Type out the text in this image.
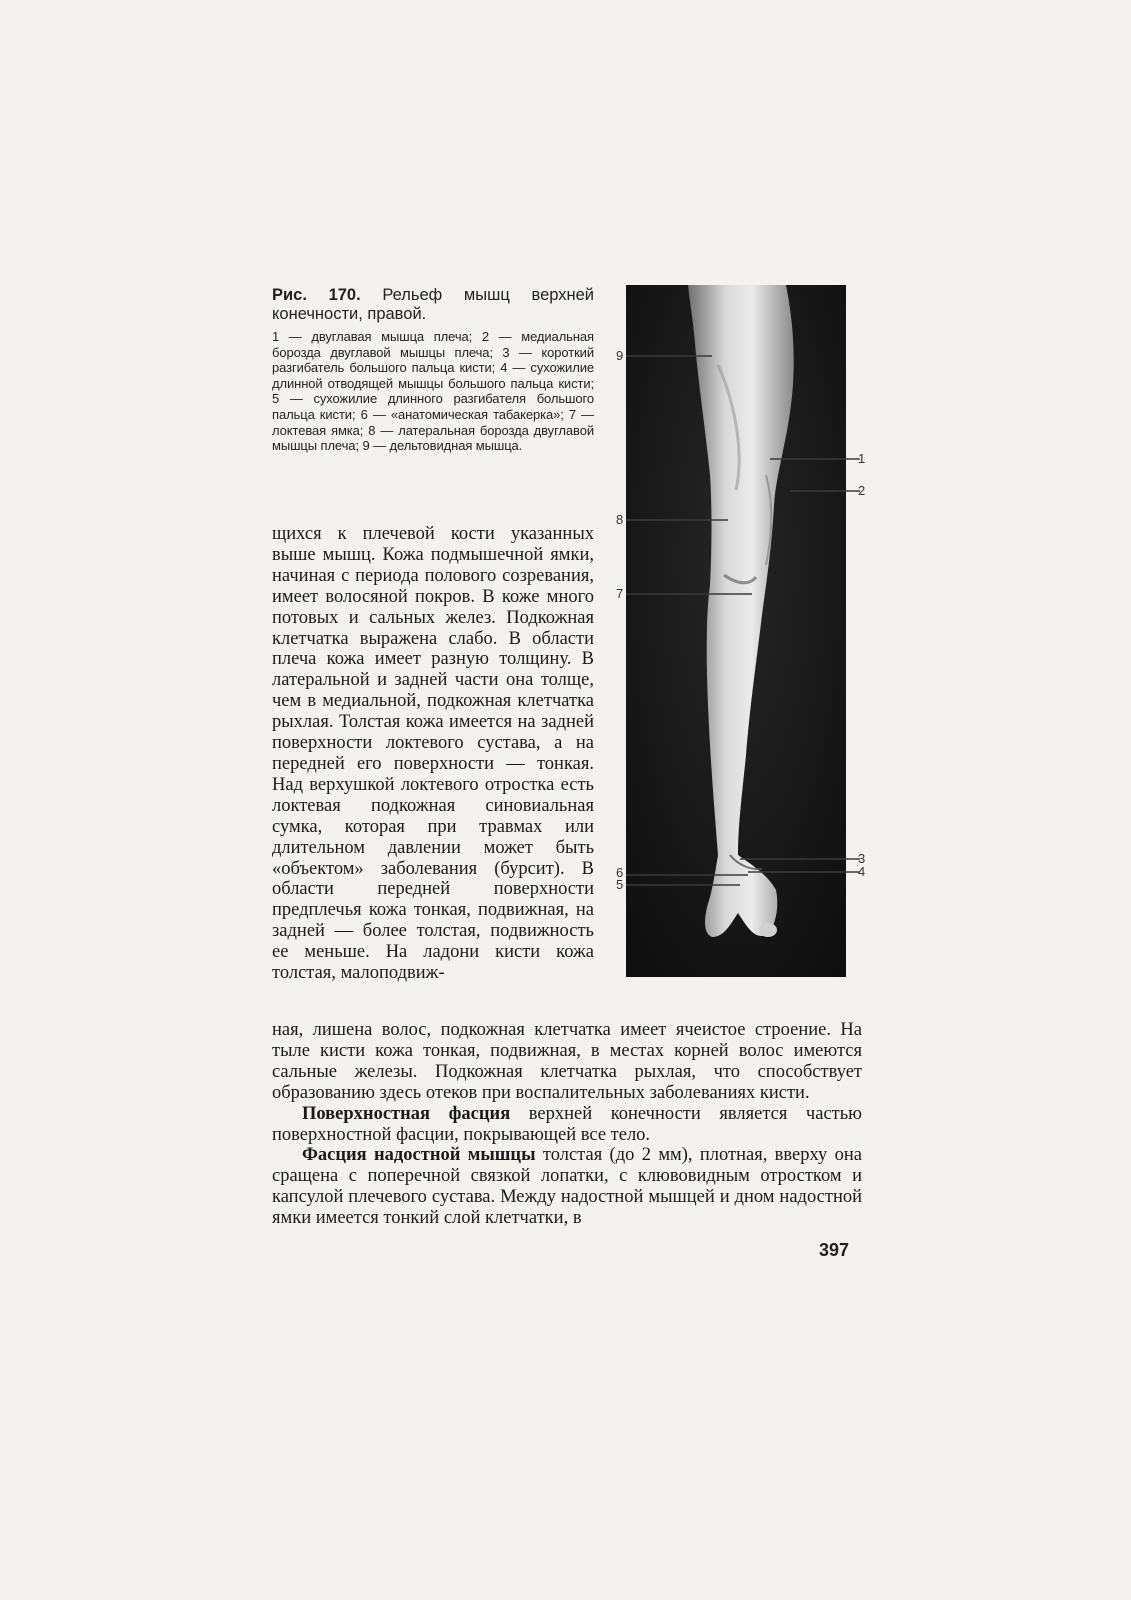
Рис. 170. Рельеф мышц верхней конечности, правой.

1 — двуглавая мышца плеча; 2 — медиальная борозда двуглавой мышцы плеча; 3 — короткий разгибатель большого пальца кисти; 4 — сухожилие длинной отводящей мышцы большого пальца кисти; 5 — сухожилие длинного разгибателя большого пальца кисти; 6 — «анатомическая табакерка»; 7 — локтевая ямка; 8 — латеральная борозда двуглавой мышцы плеча; 9 — дельтовидная мышца.

щихся к плечевой кости указанных выше мышц. Кожа подмышечной ямки, начиная с периода полового созревания, имеет волосяной покров. В коже много потовых и сальных желез. Подкожная клетчатка выражена слабо. В области плеча кожа имеет разную толщину. В латеральной и задней части она толще, чем в медиальной, подкожная клетчатка рыхлая. Толстая кожа имеется на задней поверхности локтевого сустава, а на передней его поверхности — тонкая. Над верхушкой локтевого отростка есть локтевая подкожная синовиальная сумка, которая при травмах или длительном давлении может быть «объектом» заболевания (бурсит). В области передней поверхности предплечья кожа тонкая, подвижная, на задней — более толстая, подвижность ее меньше. На ладони кисти кожа толстая, малоподвиж-

9
1
2
8
7
3
4
6
5

ная, лишена волос, подкожная клетчатка имеет ячеистое строение. На тыле кисти кожа тонкая, подвижная, в местах корней волос имеются сальные железы. Подкожная клетчатка рыхлая, что способствует образованию здесь отеков при воспалительных заболеваниях кисти.

Поверхностная фасция верхней конечности является частью поверхностной фасции, покрывающей все тело.

Фасция надостной мышцы толстая (до 2 мм), плотная, вверху она сращена с поперечной связкой лопатки, с клювовидным отростком и капсулой плечевого сустава. Между надостной мышцей и дном надостной ямки имеется тонкий слой клетчатки, в

397
